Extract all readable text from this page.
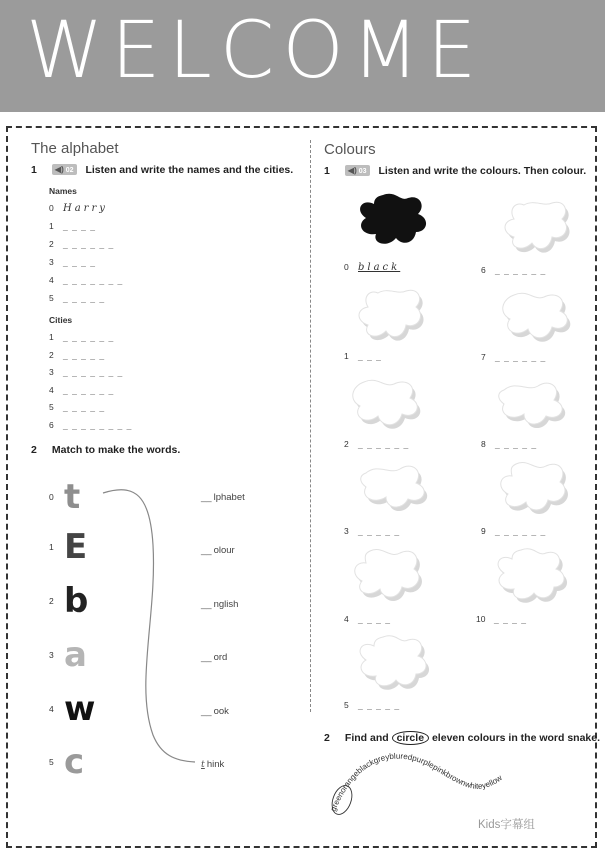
WELCOME
The alphabet
1 ◀) 02 Listen and write the names and the cities.
Names
0 Harry
1 _ _ _ _
2 _ _ _ _ _ _
3 _ _ _ _
4 _ _ _ _ _ _ _
5 _ _ _ _ _
Cities
1 _ _ _ _ _ _
2 _ _ _ _ _
3 _ _ _ _ _ _ _
4 _ _ _ _ _ _
5 _ _ _ _ _
6 _ _ _ _ _ _ _ _
2 Match to make the words.
0 t
1 E
2 b
3 a
4 w
5 c
__ lphabet
__ olour
__ nglish
__ ord
__ ook
t hink
Colours
1 ◀) 03 Listen and write the colours. Then colour.
0 black
1 _ _ _
2 _ _ _ _ _ _
3 _ _ _ _ _
4 _ _ _ _
5 _ _ _ _ _
6 _ _ _ _ _ _
7 _ _ _ _ _ _
8 _ _ _ _ _
9 _ _ _ _ _ _
10 _ _ _ _
2 Find and circle eleven colours in the word snake.
greenorangeblackgreybluredpurplepinkbrownwhiteyellow
Kids字幕组
